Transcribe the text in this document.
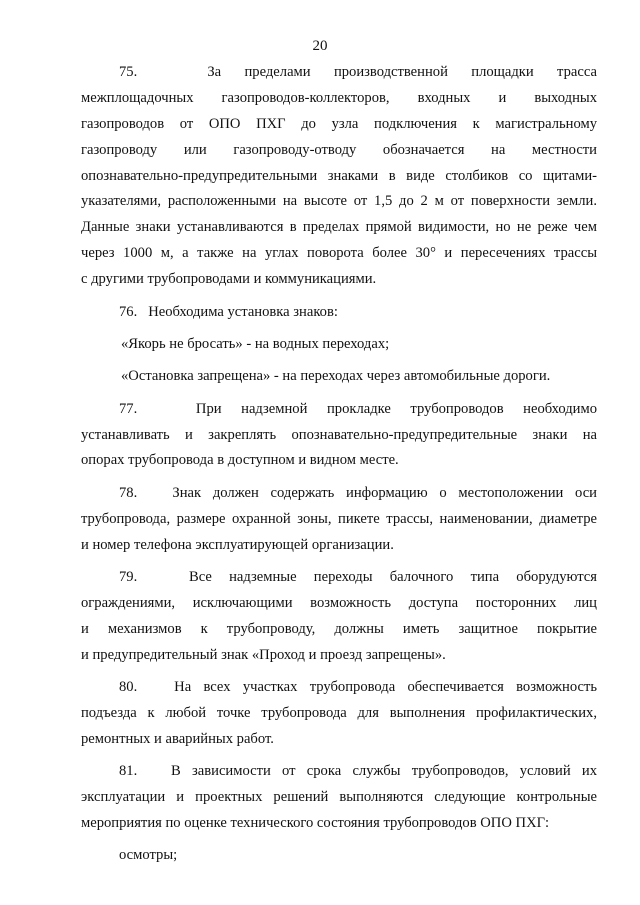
20
75.   За пределами производственной площадки трасса
межплощадочных газопроводов-коллекторов, входных и выходных
газопроводов от ОПО ПХГ до узла подключения к магистральному
газопроводу или газопроводу-отводу обозначается на местности
опознавательно-предупредительными знаками в виде столбиков со щитами-
указателями, расположенными на высоте от 1,5 до 2 м от поверхности земли.
Данные знаки устанавливаются в пределах прямой видимости, но не реже чем
через 1000 м, а также на углах поворота более 30° и пересечениях трассы
с другими трубопроводами и коммуникациями.
76.   Необходима установка знаков:
«Якорь не бросать» - на водных переходах;
«Остановка запрещена» - на переходах через автомобильные дороги.
77.   При надземной прокладке трубопроводов необходимо
устанавливать и закреплять опознавательно-предупредительные знаки на
опорах трубопровода в доступном и видном месте.
78.   Знак должен содержать информацию о местоположении оси
трубопровода, размере охранной зоны, пикете трассы, наименовании, диаметре
и номер телефона эксплуатирующей организации.
79.   Все надземные переходы балочного типа оборудуются
ограждениями, исключающими возможность доступа посторонних лиц
и механизмов к трубопроводу, должны иметь защитное покрытие
и предупредительный знак «Проход и проезд запрещены».
80.   На всех участках трубопровода обеспечивается возможность
подъезда к любой точке трубопровода для выполнения профилактических,
ремонтных и аварийных работ.
81.   В зависимости от срока службы трубопроводов, условий их
эксплуатации и проектных решений выполняются следующие контрольные
мероприятия по оценке технического состояния трубопроводов ОПО ПХГ:
осмотры;
